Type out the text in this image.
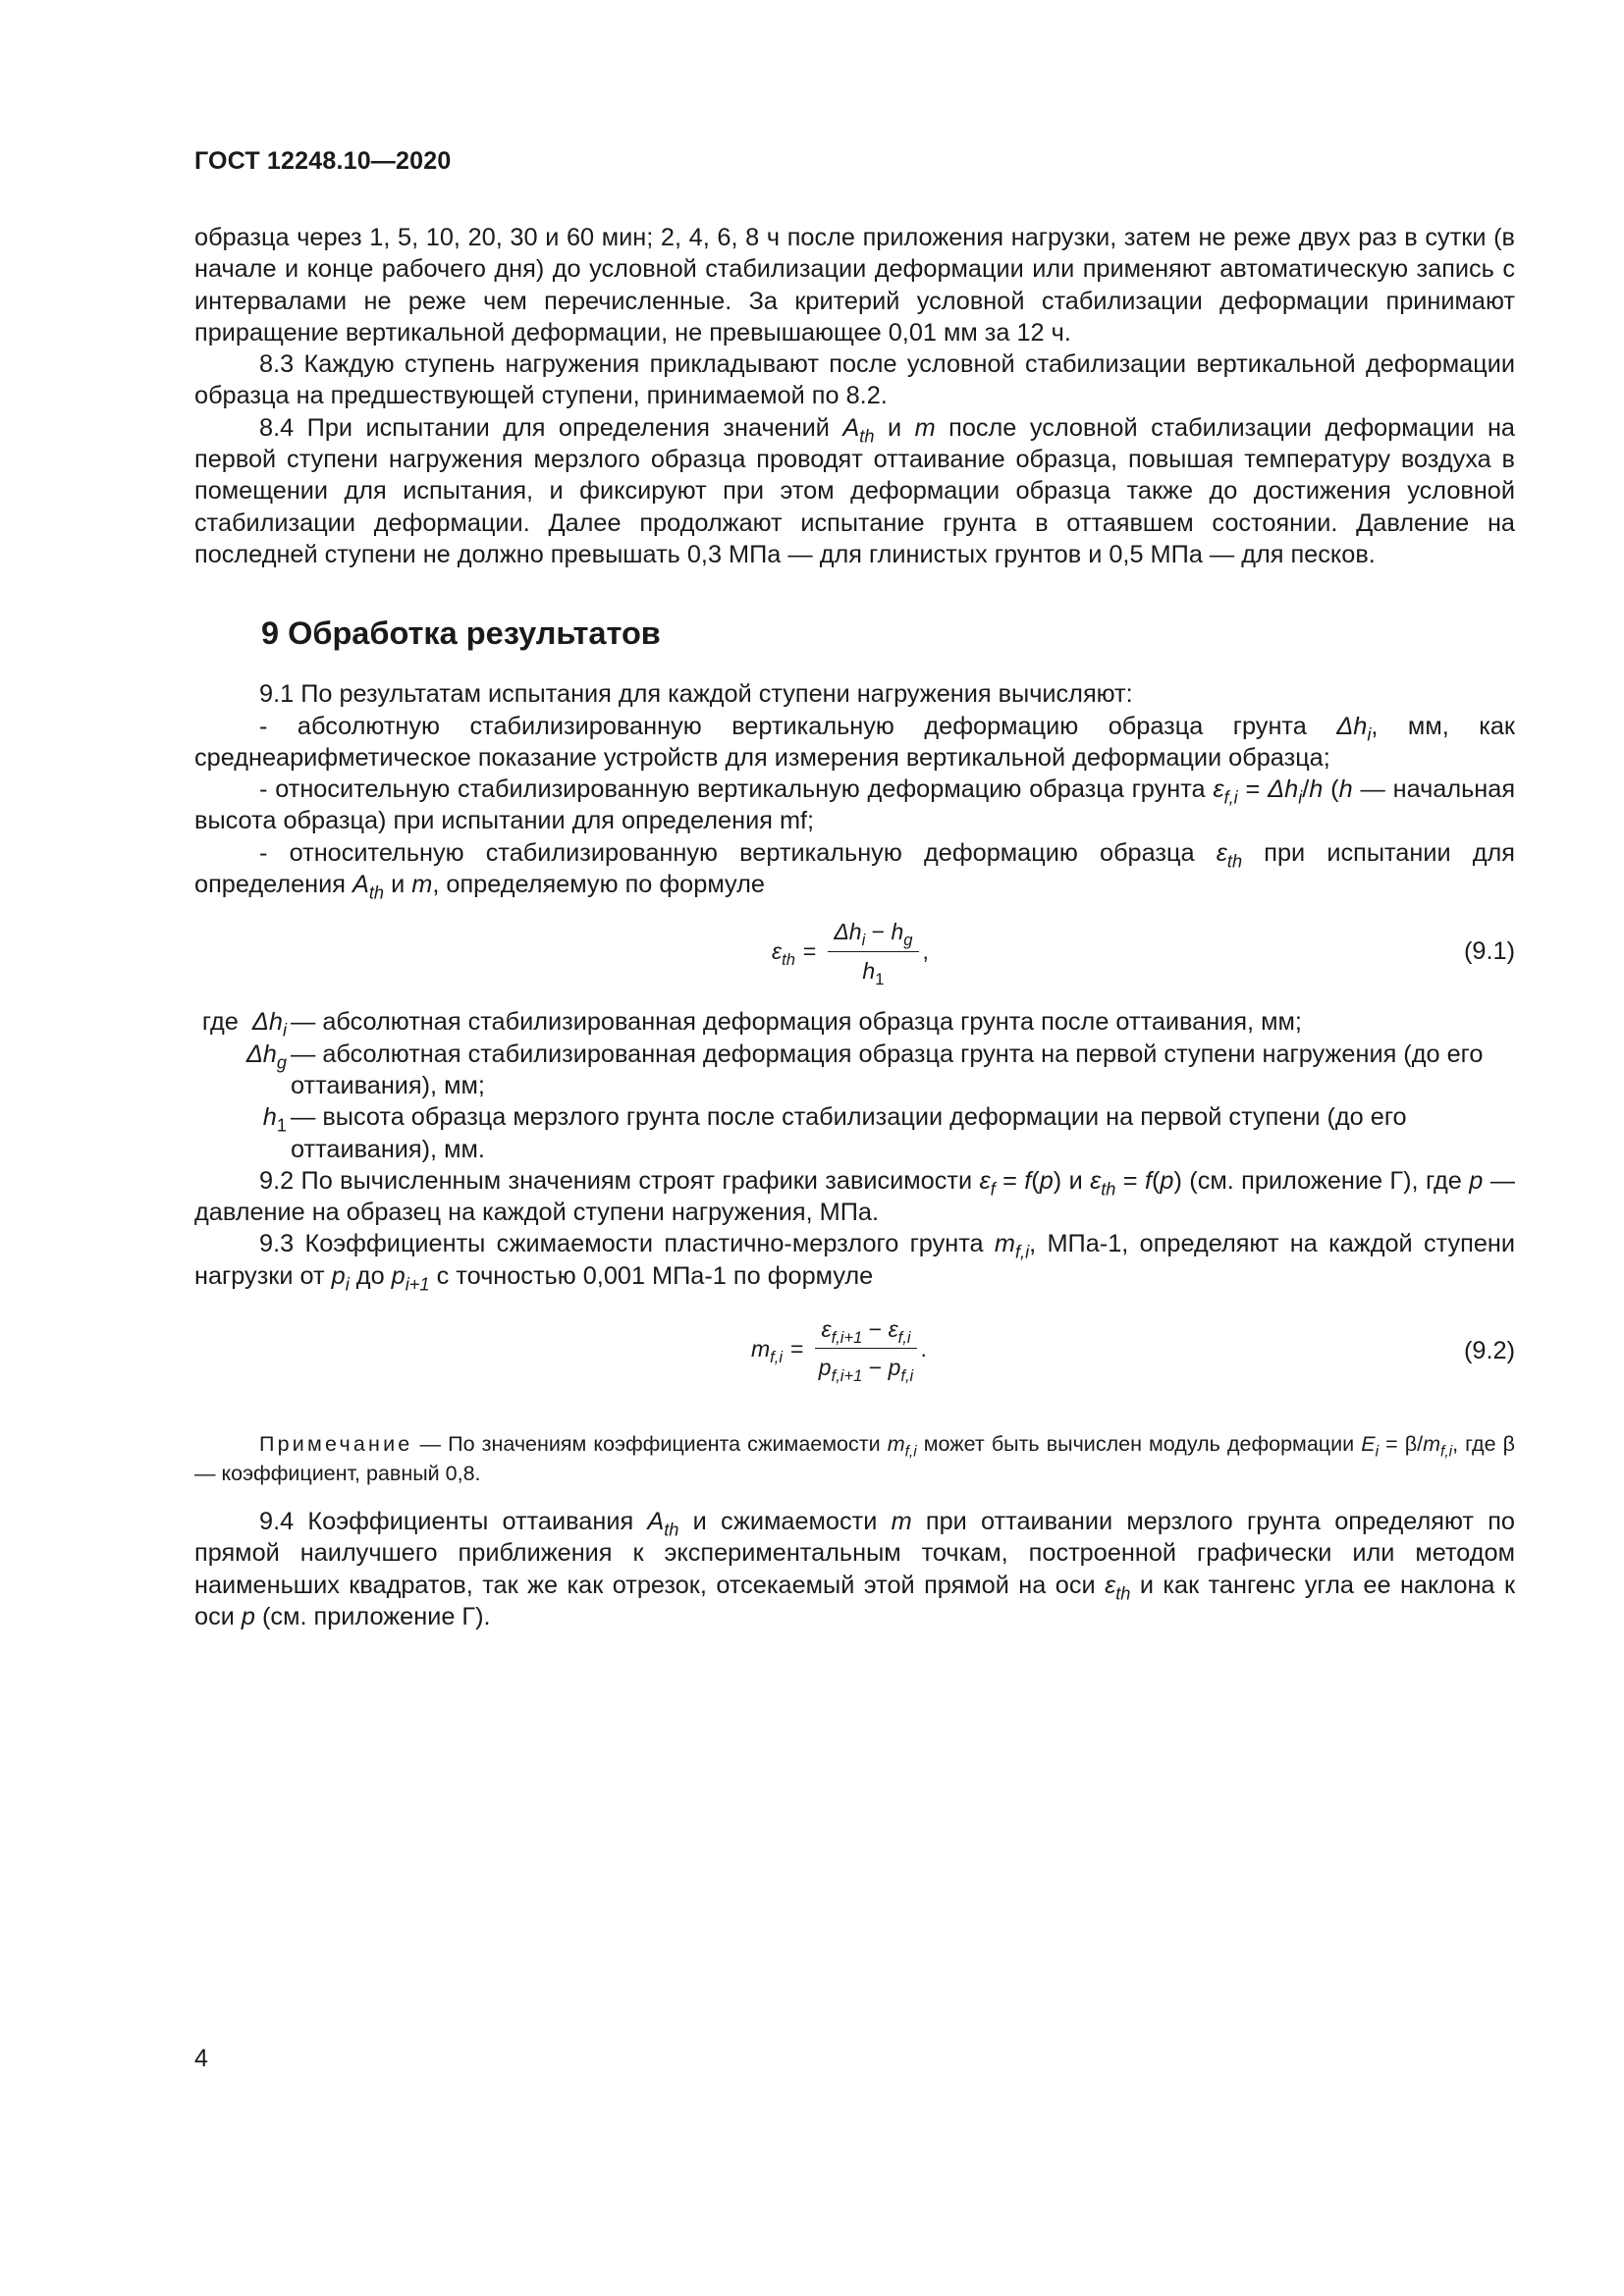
ГОСТ 12248.10—2020

образца через 1, 5, 10, 20, 30 и 60 мин; 2, 4, 6, 8 ч после приложения нагрузки, затем не реже двух раз в сутки (в начале и конце рабочего дня) до условной стабилизации деформации или применяют автоматическую запись с интервалами не реже чем перечисленные. За критерий условной стабилизации деформации принимают приращение вертикальной деформации, не превышающее 0,01 мм за 12 ч.

8.3 Каждую ступень нагружения прикладывают после условной стабилизации вертикальной деформации образца на предшествующей ступени, принимаемой по 8.2.

8.4 При испытании для определения значений $A_{th}$ и m после условной стабилизации деформации на первой ступени нагружения мерзлого образца проводят оттаивание образца, повышая температуру воздуха в помещении для испытания, и фиксируют при этом деформации образца также до достижения условной стабилизации деформации. Далее продолжают испытание грунта в оттаявшем состоянии. Давление на последней ступени не должно превышать 0,3 МПа — для глинистых грунтов и 0,5 МПа — для песков.

9 Обработка результатов

9.1 По результатам испытания для каждой ступени нагружения вычисляют:

- абсолютную стабилизированную вертикальную деформацию образца грунта $\Delta h_i$, мм, как среднеарифметическое показание устройств для измерения вертикальной деформации образца;

- относительную стабилизированную вертикальную деформацию образца грунта $\varepsilon_{f,i} = \Delta h_i/h$ (h — начальная высота образца) при испытании для определения mf;

- относительную стабилизированную вертикальную деформацию образца $\varepsilon_{th}$ при испытании для определения $A_{th}$ и m, определяемую по формуле

$\varepsilon_{th} = \frac{\Delta h_i - h_g}{h_1}$ ,	(9.1)
где $\Delta h_i$ — абсолютная стабилизированная деформация образца грунта после оттаивания, мм;
$\Delta h_g$ — абсолютная стабилизированная деформация образца грунта на первой ступени нагружения (до его оттаивания), мм;
$h_1$ — высота образца мерзлого грунта после стабилизации деформации на первой ступени (до его оттаивания), мм.

9.2 По вычисленным значениям строят графики зависимости $\varepsilon_f = f(p)$ и $\varepsilon_{th} = f(p)$ (см. приложение Г), где p — давление на образец на каждой ступени нагружения, МПа.

9.3 Коэффициенты сжимаемости пластично-мерзлого грунта $m_{f,i}$, МПа-1, определяют на каждой ступени нагрузки от $p_i$ до $p_{i+1}$ с точностью 0,001 МПа-1 по формуле

$m_{f,i} = \frac{\varepsilon_{f,i+1} - \varepsilon_{f,i}}{p_{f,i+1} - p_{f,i}}$ .	(9.2)

Примечание — По значениям коэффициента сжимаемости $m_{f,i}$ может быть вычислен модуль деформации $E_i = \beta/m_{f,i}$, где β — коэффициент, равный 0,8.

9.4 Коэффициенты оттаивания $A_{th}$ и сжимаемости m при оттаивании мерзлого грунта определяют по прямой наилучшего приближения к экспериментальным точкам, построенной графически или методом наименьших квадратов, так же как отрезок, отсекаемый этой прямой на оси $\varepsilon_{th}$ и как тангенс угла ее наклона к оси p (см. приложение Г).

4
